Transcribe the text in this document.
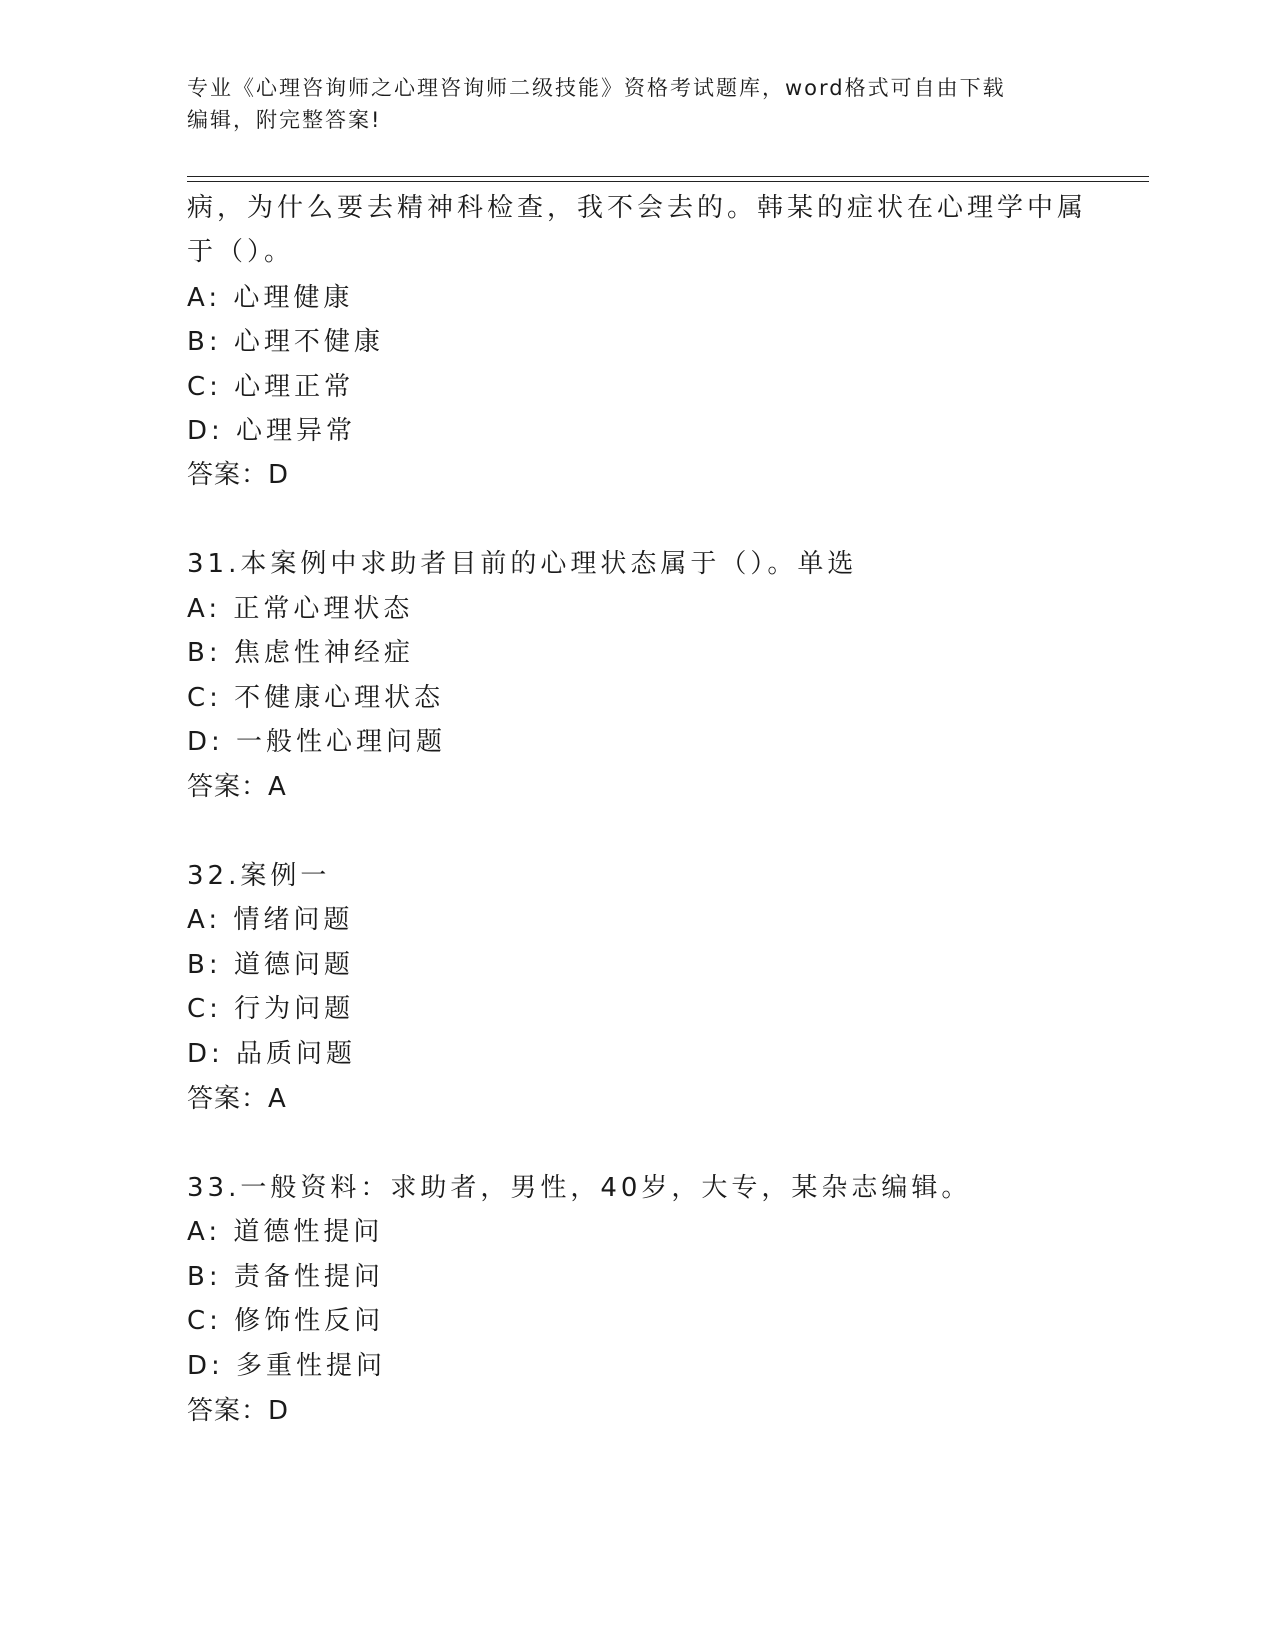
专业《心理咨询师之心理咨询师二级技能》资格考试题库，word格式可自由下载
编辑，附完整答案!
病，为什么要去精神科检查，我不会去的。韩某的症状在心理学中属
于（）。
A: 心理健康
B: 心理不健康
C: 心理正常
D: 心理异常
答案：D
31.本案例中求助者目前的心理状态属于（）。单选
A: 正常心理状态
B: 焦虑性神经症
C: 不健康心理状态
D: 一般性心理问题
答案：A
32.案例一
A: 情绪问题
B: 道德问题
C: 行为问题
D: 品质问题
答案：A
33.一般资料：求助者，男性，40岁，大专，某杂志编辑。
A: 道德性提问
B: 责备性提问
C: 修饰性反问
D: 多重性提问
答案：D
